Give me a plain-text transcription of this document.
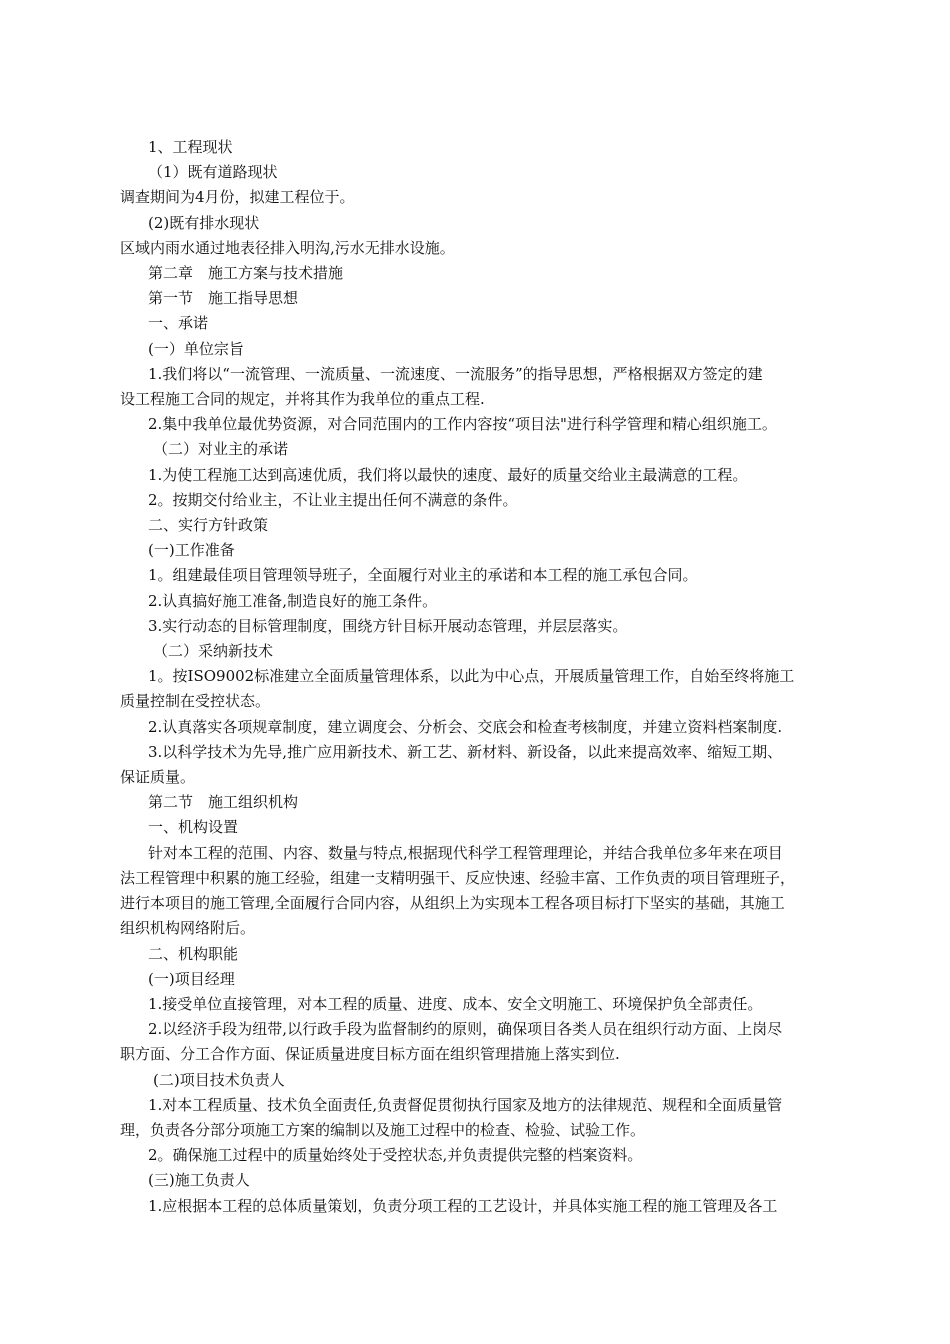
1、工程现状
（1）既有道路现状
调查期间为4月份，拟建工程位于。
(2)既有排水现状
区域内雨水通过地表径排入明沟,污水无排水设施。
第二章　施工方案与技术措施
第一节　施工指导思想
一、承诺
(一）单位宗旨
1.我们将以“一流管理、一流质量、一流速度、一流服务”的指导思想，严格根据双方签定的建
设工程施工合同的规定，并将其作为我单位的重点工程.
2.集中我单位最优势资源，对合同范围内的工作内容按“项目法"进行科学管理和精心组织施工。
（二）对业主的承诺
1.为使工程施工达到高速优质，我们将以最快的速度、最好的质量交给业主最满意的工程。
2。按期交付给业主，不让业主提出任何不满意的条件。
二、实行方针政策
(一)工作准备
1。组建最佳项目管理领导班子，全面履行对业主的承诺和本工程的施工承包合同。
2.认真搞好施工准备,制造良好的施工条件。
3.实行动态的目标管理制度，围绕方针目标开展动态管理，并层层落实。
（二）采纳新技术
1。按ISO9002标准建立全面质量管理体系，以此为中心点，开展质量管理工作，自始至终将施工
质量控制在受控状态。
2.认真落实各项规章制度，建立调度会、分析会、交底会和检查考核制度，并建立资料档案制度.
3.以科学技术为先导,推广应用新技术、新工艺、新材料、新设备，以此来提高效率、缩短工期、
保证质量。
第二节　施工组织机构
一、机构设置
针对本工程的范围、内容、数量与特点,根据现代科学工程管理理论，并结合我单位多年来在项目
法工程管理中积累的施工经验，组建一支精明强干、反应快速、经验丰富、工作负责的项目管理班子，
进行本项目的施工管理,全面履行合同内容，从组织上为实现本工程各项目标打下坚实的基础，其施工
组织机构网络附后。
二、机构职能
(一)项目经理
1.接受单位直接管理，对本工程的质量、进度、成本、安全文明施工、环境保护负全部责任。
2.以经济手段为纽带,以行政手段为监督制约的原则，确保项目各类人员在组织行动方面、上岗尽
职方面、分工合作方面、保证质量进度目标方面在组织管理措施上落实到位.
(二)项目技术负责人
1.对本工程质量、技术负全面责任,负责督促贯彻执行国家及地方的法律规范、规程和全面质量管
理，负责各分部分项施工方案的编制以及施工过程中的检查、检验、试验工作。
2。确保施工过程中的质量始终处于受控状态,并负责提供完整的档案资料。
(三)施工负责人
1.应根据本工程的总体质量策划，负责分项工程的工艺设计，并具体实施工程的施工管理及各工
